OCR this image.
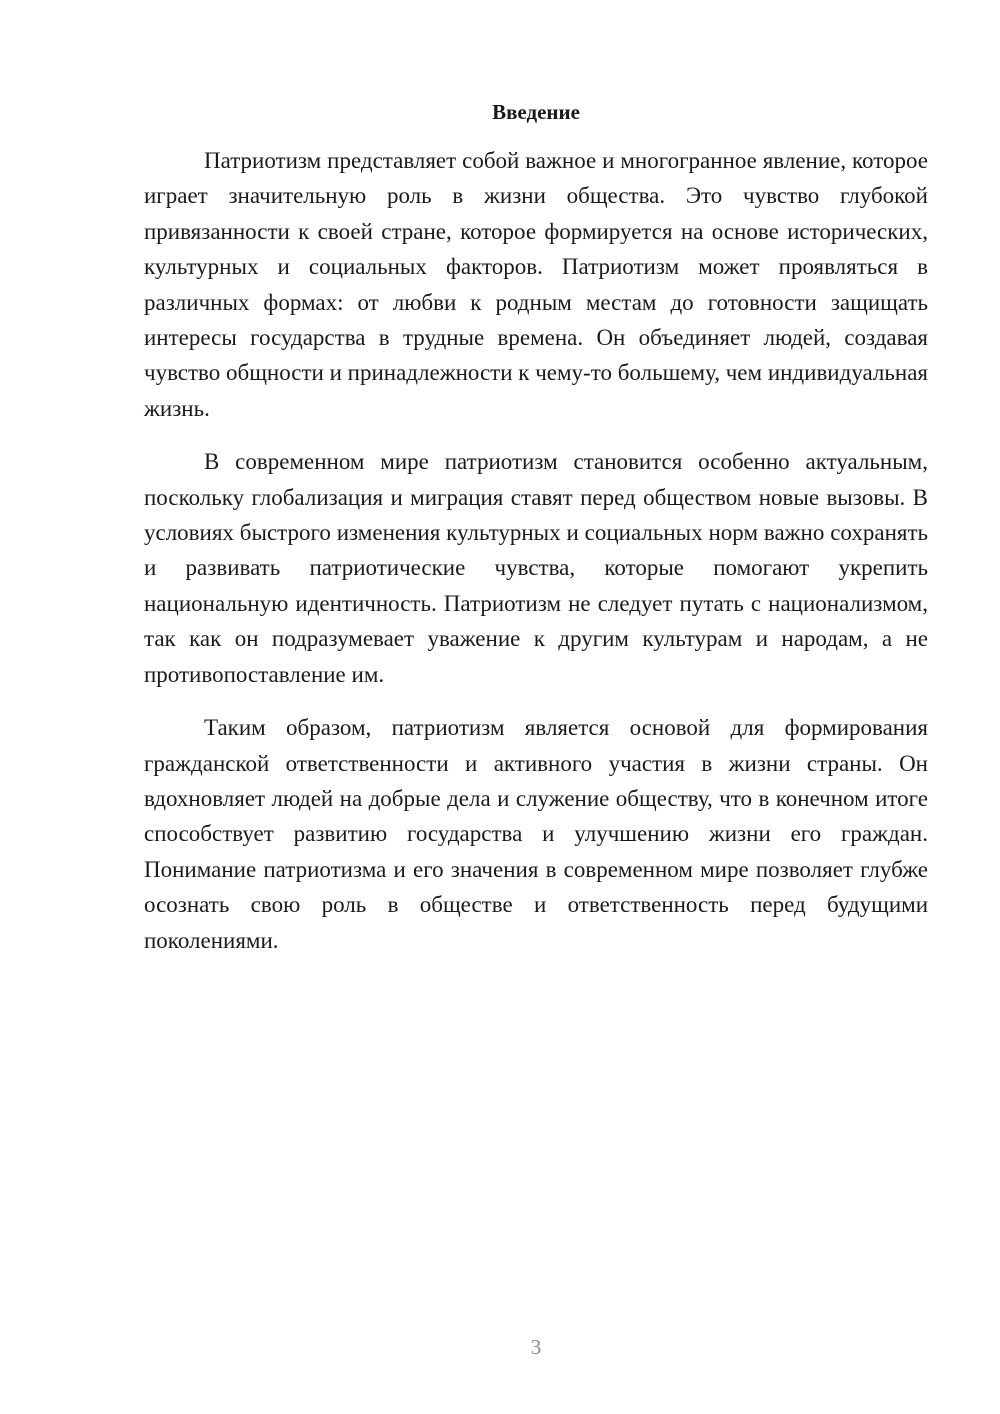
Введение

Патриотизм представляет собой важное и многогранное явление, которое играет значительную роль в жизни общества. Это чувство глубокой привязанности к своей стране, которое формируется на основе исторических, культурных и социальных факторов. Патриотизм может проявляться в различных формах: от любви к родным местам до готовности защищать интересы государства в трудные времена. Он объединяет людей, создавая чувство общности и принадлежности к чему-то большему, чем индивидуальная жизнь.

В современном мире патриотизм становится особенно актуальным, поскольку глобализация и миграция ставят перед обществом новые вызовы. В условиях быстрого изменения культурных и социальных норм важно сохранять и развивать патриотические чувства, которые помогают укрепить национальную идентичность. Патриотизм не следует путать с национализмом, так как он подразумевает уважение к другим культурам и народам, а не противопоставление им.

Таким образом, патриотизм является основой для формирования гражданской ответственности и активного участия в жизни страны. Он вдохновляет людей на добрые дела и служение обществу, что в конечном итоге способствует развитию государства и улучшению жизни его граждан. Понимание патриотизма и его значения в современном мире позволяет глубже осознать свою роль в обществе и ответственность перед будущими поколениями.

3
